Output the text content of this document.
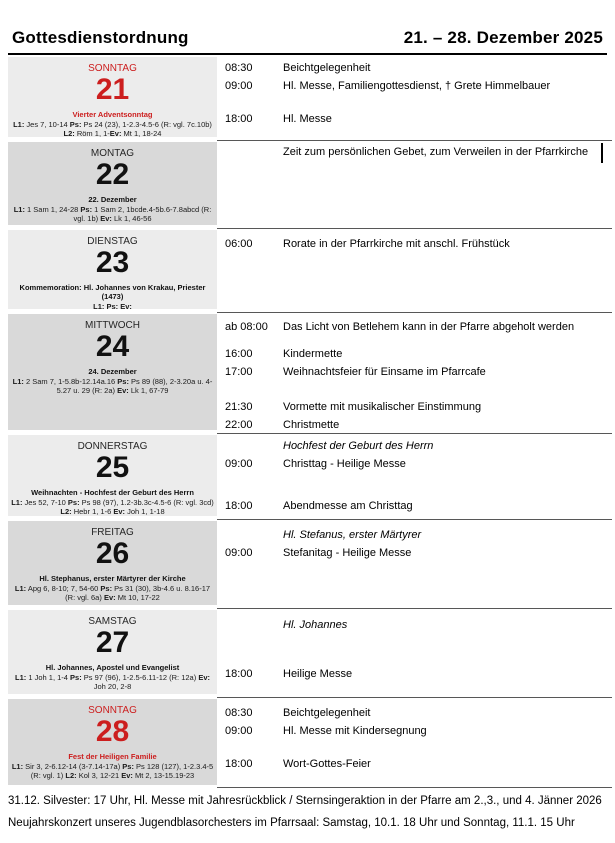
Gottesdienstordnung	21. – 28. Dezember 2025
SONNTAG
21
Vierter Adventsonntag
L1: Jes 7, 10-14 Ps: Ps 24 (23), 1-2.3-4.5-6 (R: vgl. 7c.10b) L2: Röm 1, 1-Ev: Mt 1, 18-24
08:30	Beichtgelegenheit
09:00	Hl. Messe, Familiengottesdienst, † Grete Himmelbauer
18:00	Hl. Messe
MONTAG
22
22. Dezember
L1: 1 Sam 1, 24-28 Ps: 1 Sam 2, 1bcde.4-5b.6-7.8abcd (R: vgl. 1b) Ev: Lk 1, 46-56
Zeit zum persönlichen Gebet, zum Verweilen in der Pfarrkirche
DIENSTAG
23
Kommemoration: Hl. Johannes von Krakau, Priester (1473)
L1: Ps: Ev:
06:00	Rorate in der Pfarrkirche mit anschl. Frühstück
MITTWOCH
24
24. Dezember
L1: 2 Sam 7, 1-5.8b-12.14a.16 Ps: Ps 89 (88), 2-3.20a u. 4-5.27 u. 29 (R: 2a) Ev: Lk 1, 67-79
ab 08:00	Das Licht von Betlehem kann in der Pfarre abgeholt werden
16:00	Kindermette
17:00	Weihnachtsfeier für Einsame im Pfarrcafe
21:30	Vormette mit musikalischer Einstimmung
22:00	Christmette
DONNERSTAG
25
Weihnachten - Hochfest der Geburt des Herrn
L1: Jes 52, 7-10 Ps: Ps 98 (97), 1.2-3b.3c-4.5-6 (R: vgl. 3cd) L2: Hebr 1, 1-6 Ev: Joh 1, 1-18
Hochfest der Geburt des Herrn
09:00	Christtag - Heilige Messe
18:00	Abendmesse am Christtag
FREITAG
26
Hl. Stephanus, erster Märtyrer der Kirche
L1: Apg 6, 8-10; 7, 54-60 Ps: Ps 31 (30), 3b-4.6 u. 8.16-17 (R: vgl. 6a) Ev: Mt 10, 17-22
Hl. Stefanus, erster Märtyrer
09:00	Stefanitag - Heilige Messe
SAMSTAG
27
Hl. Johannes, Apostel und Evangelist
L1: 1 Joh 1, 1-4 Ps: Ps 97 (96), 1-2.5-6.11-12 (R: 12a) Ev: Joh 20, 2-8
Hl. Johannes
18:00	Heilige Messe
SONNTAG
28
Fest der Heiligen Familie
L1: Sir 3, 2-6.12-14 (3-7.14-17a) Ps: Ps 128 (127), 1-2.3.4-5 (R: vgl. 1) L2: Kol 3, 12-21 Ev: Mt 2, 13-15.19-23
08:30	Beichtgelegenheit
09:00	Hl. Messe mit Kindersegnung
18:00	Wort-Gottes-Feier
31.12. Silvester: 17 Uhr, Hl. Messe mit Jahresrückblick / Sternsingeraktion in der Pfarre am 2.,3., und 4. Jänner 2026
Neujahrskonzert unseres Jugendblasorchesters im Pfarrsaal: Samstag, 10.1. 18 Uhr und Sonntag, 11.1. 15 Uhr
